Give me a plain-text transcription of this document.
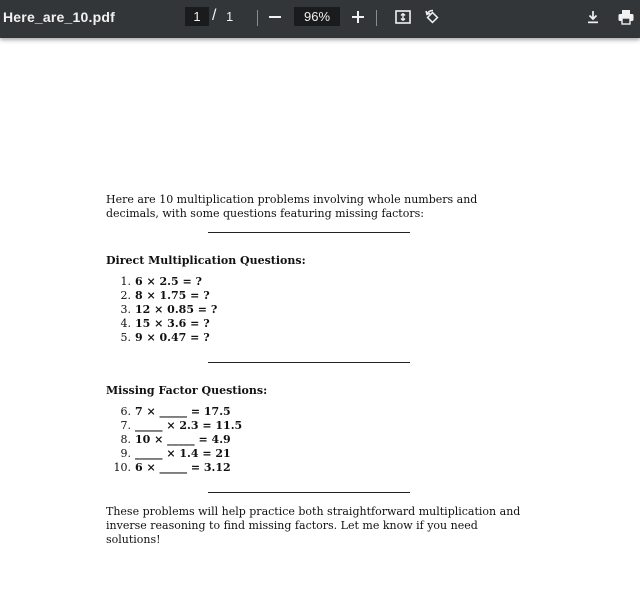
Here_are_10.pdf
1	/ 1
96%

Here are 10 multiplication problems involving whole numbers and decimals, with some questions featuring missing factors:

Direct Multiplication Questions:

1. 6 × 2.5 = ?
2. 8 × 1.75 = ?
3. 12 × 0.85 = ?
4. 15 × 3.6 = ?
5. 9 × 0.47 = ?

Missing Factor Questions:

6. 7 × _____ = 17.5
7. _____ × 2.3 = 11.5
8. 10 × _____ = 4.9
9. _____ × 1.4 = 21
10. 6 × _____ = 3.12

These problems will help practice both straightforward multiplication and inverse reasoning to find missing factors. Let me know if you need solutions!
